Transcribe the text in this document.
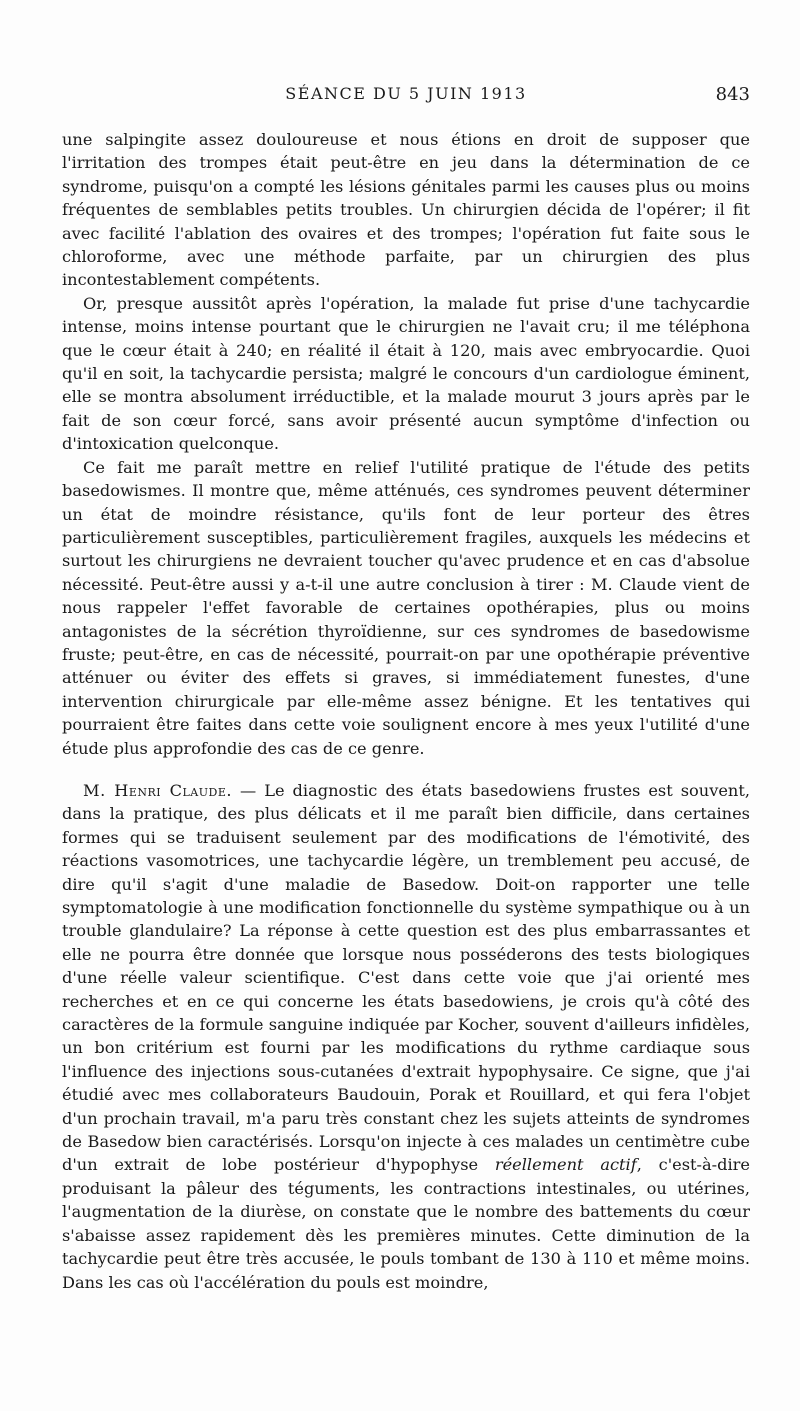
SÉANCE DU 5 JUIN 1913	843

une salpingite assez douloureuse et nous étions en droit de supposer que l'irritation des trompes était peut-être en jeu dans la détermination de ce syndrome, puisqu'on a compté les lésions génitales parmi les causes plus ou moins fréquentes de semblables petits troubles. Un chirurgien décida de l'opérer; il fit avec facilité l'ablation des ovaires et des trompes; l'opération fut faite sous le chloroforme, avec une méthode parfaite, par un chirurgien des plus incontestablement compétents.

Or, presque aussitôt après l'opération, la malade fut prise d'une tachycardie intense, moins intense pourtant que le chirurgien ne l'avait cru; il me téléphona que le cœur était à 240; en réalité il était à 120, mais avec embryocardie. Quoi qu'il en soit, la tachycardie persista; malgré le concours d'un cardiologue éminent, elle se montra absolument irréductible, et la malade mourut 3 jours après par le fait de son cœur forcé, sans avoir présenté aucun symptôme d'infection ou d'intoxication quelconque.

Ce fait me paraît mettre en relief l'utilité pratique de l'étude des petits basedowismes. Il montre que, même atténués, ces syndromes peuvent déterminer un état de moindre résistance, qu'ils font de leur porteur des êtres particulièrement susceptibles, particulièrement fragiles, auxquels les médecins et surtout les chirurgiens ne devraient toucher qu'avec prudence et en cas d'absolue nécessité. Peut-être aussi y a-t-il une autre conclusion à tirer : M. Claude vient de nous rappeler l'effet favorable de certaines opothérapies, plus ou moins antagonistes de la sécrétion thyroïdienne, sur ces syndromes de basedowisme fruste; peut-être, en cas de nécessité, pourrait-on par une opothérapie préventive atténuer ou éviter des effets si graves, si immédiatement funestes, d'une intervention chirurgicale par elle-même assez bénigne. Et les tentatives qui pourraient être faites dans cette voie soulignent encore à mes yeux l'utilité d'une étude plus approfondie des cas de ce genre.

M. Henri Claude. — Le diagnostic des états basedowiens frustes est souvent, dans la pratique, des plus délicats et il me paraît bien difficile, dans certaines formes qui se traduisent seulement par des modifications de l'émotivité, des réactions vasomotrices, une tachycardie légère, un tremblement peu accusé, de dire qu'il s'agit d'une maladie de Basedow. Doit-on rapporter une telle symptomatologie à une modification fonctionnelle du système sympathique ou à un trouble glandulaire? La réponse à cette question est des plus embarrassantes et elle ne pourra être donnée que lorsque nous posséderons des tests biologiques d'une réelle valeur scientifique. C'est dans cette voie que j'ai orienté mes recherches et en ce qui concerne les états basedowiens, je crois qu'à côté des caractères de la formule sanguine indiquée par Kocher, souvent d'ailleurs infidèles, un bon critérium est fourni par les modifications du rythme cardiaque sous l'influence des injections sous-cutanées d'extrait hypophysaire. Ce signe, que j'ai étudié avec mes collaborateurs Baudouin, Porak et Rouillard, et qui fera l'objet d'un prochain travail, m'a paru très constant chez les sujets atteints de syndromes de Basedow bien caractérisés. Lorsqu'on injecte à ces malades un centimètre cube d'un extrait de lobe postérieur d'hypophyse réellement actif, c'est-à-dire produisant la pâleur des téguments, les contractions intestinales, ou utérines, l'augmentation de la diurèse, on constate que le nombre des battements du cœur s'abaisse assez rapidement dès les premières minutes. Cette diminution de la tachycardie peut être très accusée, le pouls tombant de 130 à 110 et même moins. Dans les cas où l'accélération du pouls est moindre,
